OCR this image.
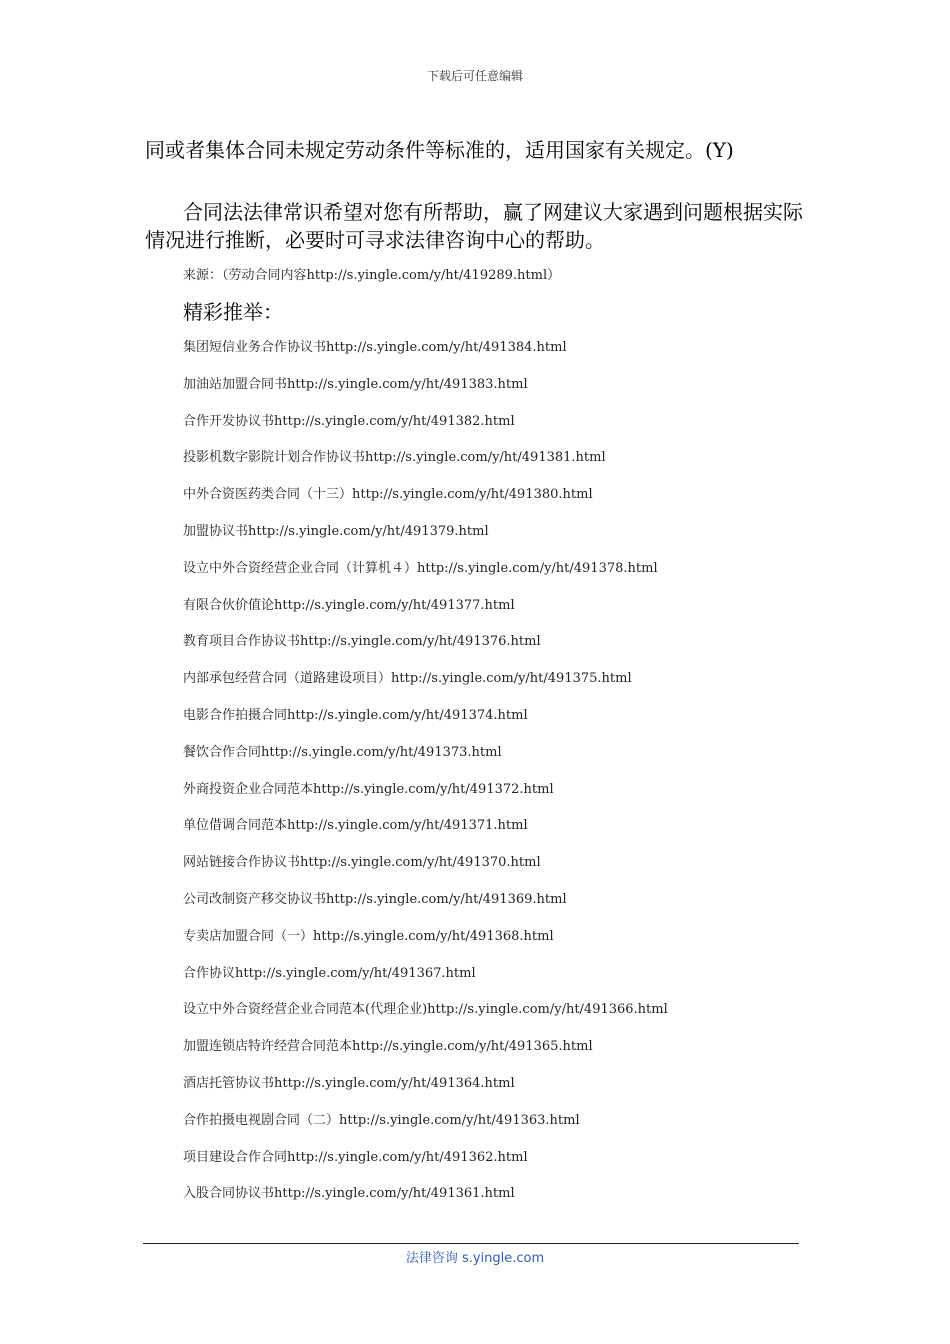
下载后可任意编辑
同或者集体合同未规定劳动条件等标准的，适用国家有关规定。(Y)
合同法法律常识希望对您有所帮助，赢了网建议大家遇到问题根据实际情况进行推断，必要时可寻求法律咨询中心的帮助。
来源：（劳动合同内容http://s.yingle.com/y/ht/419289.html）
精彩推举：
集团短信业务合作协议书http://s.yingle.com/y/ht/491384.html
加油站加盟合同书http://s.yingle.com/y/ht/491383.html
合作开发协议书http://s.yingle.com/y/ht/491382.html
投影机数字影院计划合作协议书http://s.yingle.com/y/ht/491381.html
中外合资医药类合同（十三）http://s.yingle.com/y/ht/491380.html
加盟协议书http://s.yingle.com/y/ht/491379.html
设立中外合资经营企业合同（计算机４）http://s.yingle.com/y/ht/491378.html
有限合伙价值论http://s.yingle.com/y/ht/491377.html
教育项目合作协议书http://s.yingle.com/y/ht/491376.html
内部承包经营合同（道路建设项目）http://s.yingle.com/y/ht/491375.html
电影合作拍摄合同http://s.yingle.com/y/ht/491374.html
餐饮合作合同http://s.yingle.com/y/ht/491373.html
外商投资企业合同范本http://s.yingle.com/y/ht/491372.html
单位借调合同范本http://s.yingle.com/y/ht/491371.html
网站链接合作协议书http://s.yingle.com/y/ht/491370.html
公司改制资产移交协议书http://s.yingle.com/y/ht/491369.html
专卖店加盟合同（一）http://s.yingle.com/y/ht/491368.html
合作协议http://s.yingle.com/y/ht/491367.html
设立中外合资经营企业合同范本(代理企业)http://s.yingle.com/y/ht/491366.html
加盟连锁店特许经营合同范本http://s.yingle.com/y/ht/491365.html
酒店托管协议书http://s.yingle.com/y/ht/491364.html
合作拍摄电视剧合同（二）http://s.yingle.com/y/ht/491363.html
项目建设合作合同http://s.yingle.com/y/ht/491362.html
入股合同协议书http://s.yingle.com/y/ht/491361.html
法律咨询 s.yingle.com
